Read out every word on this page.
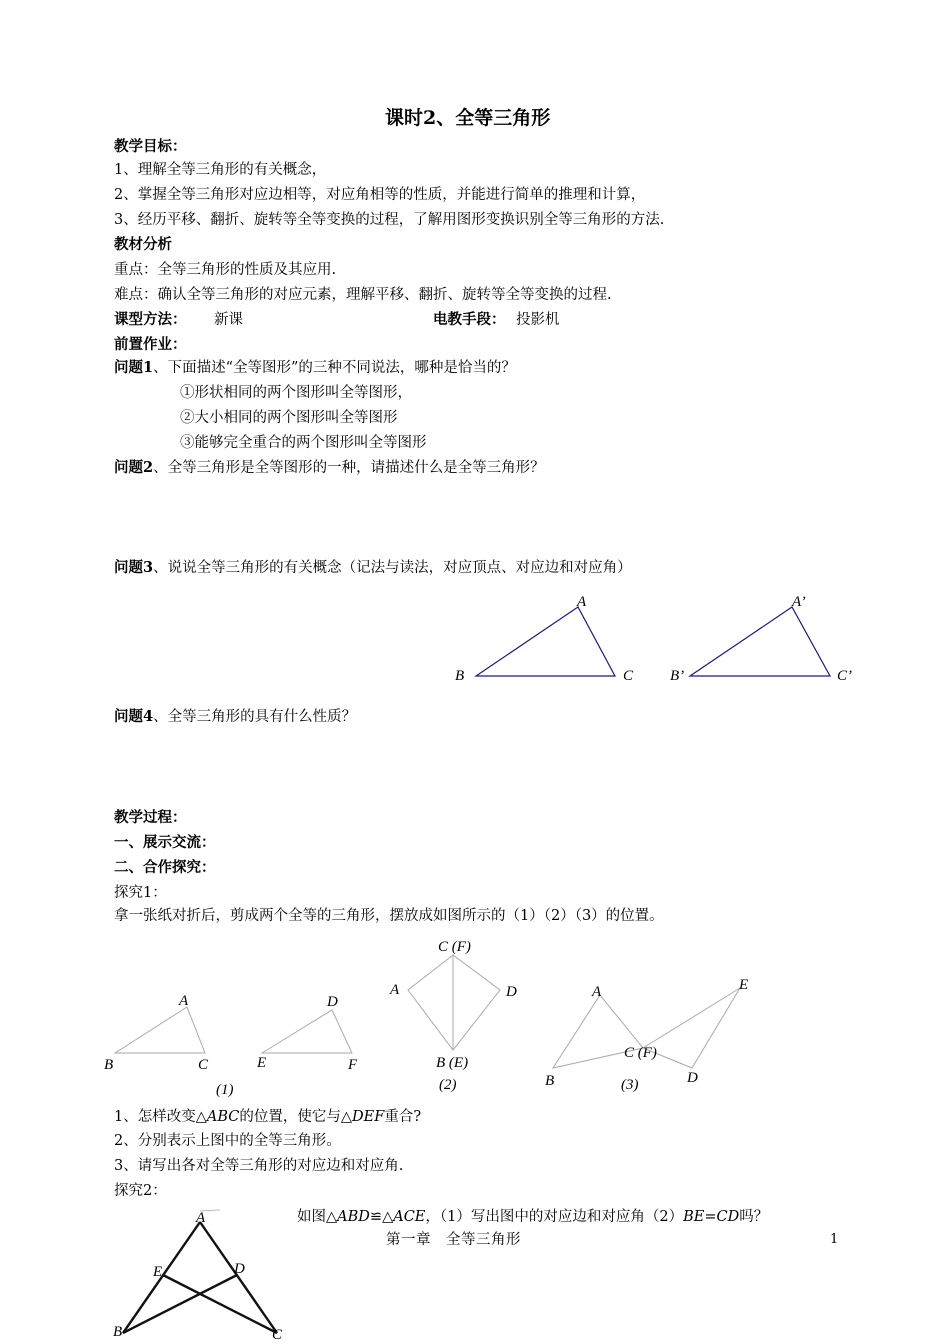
课时2、全等三角形
教学目标：
1、理解全等三角形的有关概念，
2、掌握全等三角形对应边相等，对应角相等的性质，并能进行简单的推理和计算，
3、经历平移、翻折、旋转等全等变换的过程，了解用图形变换识别全等三角形的方法.
教材分析
重点：全等三角形的性质及其应用.
难点：确认全等三角形的对应元素，理解平移、翻折、旋转等全等变换的过程.
课型方法： 新课	电教手段： 投影机
前置作业：
问题1、下面描述“全等图形”的三种不同说法，哪种是恰当的？
①形状相同的两个图形叫全等图形，
②大小相同的两个图形叫全等图形
③能够完全重合的两个图形叫全等图形
问题2、全等三角形是全等图形的一种，请描述什么是全等三角形？
问题3、说说全等三角形的有关概念（记法与读法，对应顶点、对应边和对应角）
A
B	C
A’
B’	C’
问题4、全等三角形的具有什么性质？
教学过程：
一、展示交流：
二、合作探究：
探究1：
拿一张纸对折后，剪成两个全等的三角形，摆放成如图所示的（1）（2）（3）的位置。
A
B	C
D
E	F
(1)
C (F)
A	D
B (E)
(2)
A	E
C (F)
B	D
(3)
1、怎样改变△ABC的位置，使它与△DEF重合?
2、分别表示上图中的全等三角形。
3、请写出各对全等三角形的对应边和对应角.
探究2：
如图△ABD≌△ACE，（1）写出图中的对应边和对应角（2）BE=CD吗？
A
E	D
B	C
第一章　全等三角形	1
